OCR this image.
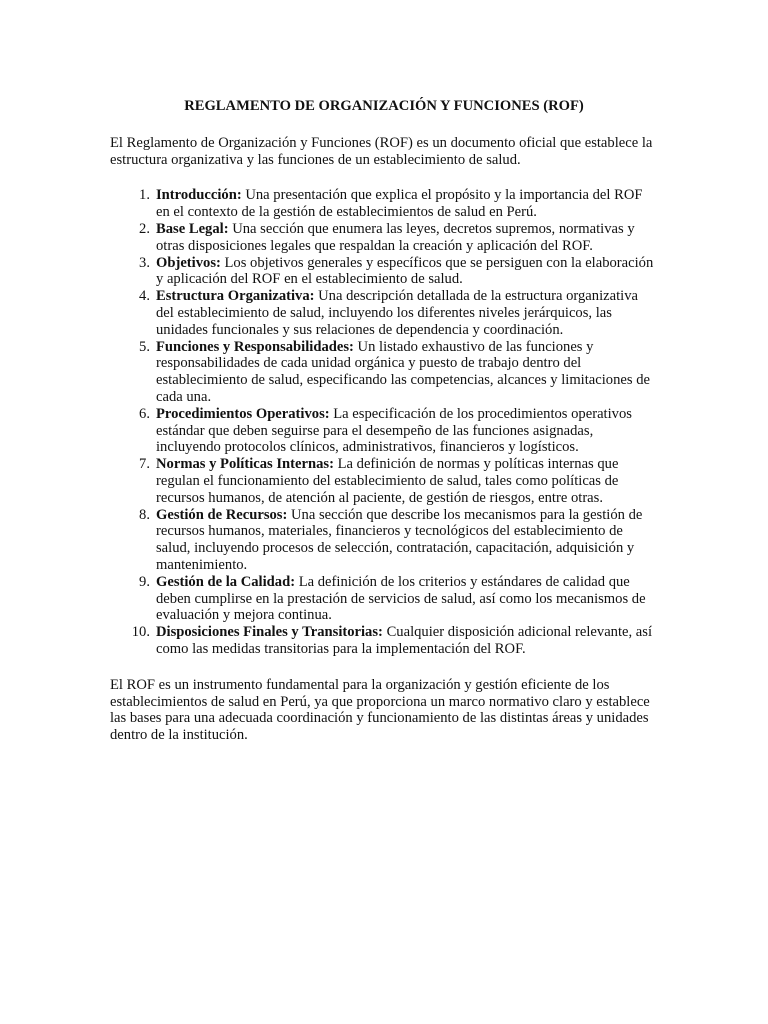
REGLAMENTO DE ORGANIZACIÓN Y FUNCIONES (ROF)

El Reglamento de Organización y Funciones (ROF) es un documento oficial que establece la estructura organizativa y las funciones de un establecimiento de salud.

1. Introducción: Una presentación que explica el propósito y la importancia del ROF en el contexto de la gestión de establecimientos de salud en Perú.
2. Base Legal: Una sección que enumera las leyes, decretos supremos, normativas y otras disposiciones legales que respaldan la creación y aplicación del ROF.
3. Objetivos: Los objetivos generales y específicos que se persiguen con la elaboración y aplicación del ROF en el establecimiento de salud.
4. Estructura Organizativa: Una descripción detallada de la estructura organizativa del establecimiento de salud, incluyendo los diferentes niveles jerárquicos, las unidades funcionales y sus relaciones de dependencia y coordinación.
5. Funciones y Responsabilidades: Un listado exhaustivo de las funciones y responsabilidades de cada unidad orgánica y puesto de trabajo dentro del establecimiento de salud, especificando las competencias, alcances y limitaciones de cada una.
6. Procedimientos Operativos: La especificación de los procedimientos operativos estándar que deben seguirse para el desempeño de las funciones asignadas, incluyendo protocolos clínicos, administrativos, financieros y logísticos.
7. Normas y Políticas Internas: La definición de normas y políticas internas que regulan el funcionamiento del establecimiento de salud, tales como políticas de recursos humanos, de atención al paciente, de gestión de riesgos, entre otras.
8. Gestión de Recursos: Una sección que describe los mecanismos para la gestión de recursos humanos, materiales, financieros y tecnológicos del establecimiento de salud, incluyendo procesos de selección, contratación, capacitación, adquisición y mantenimiento.
9. Gestión de la Calidad: La definición de los criterios y estándares de calidad que deben cumplirse en la prestación de servicios de salud, así como los mecanismos de evaluación y mejora continua.
10. Disposiciones Finales y Transitorias: Cualquier disposición adicional relevante, así como las medidas transitorias para la implementación del ROF.

El ROF es un instrumento fundamental para la organización y gestión eficiente de los establecimientos de salud en Perú, ya que proporciona un marco normativo claro y establece las bases para una adecuada coordinación y funcionamiento de las distintas áreas y unidades dentro de la institución.
